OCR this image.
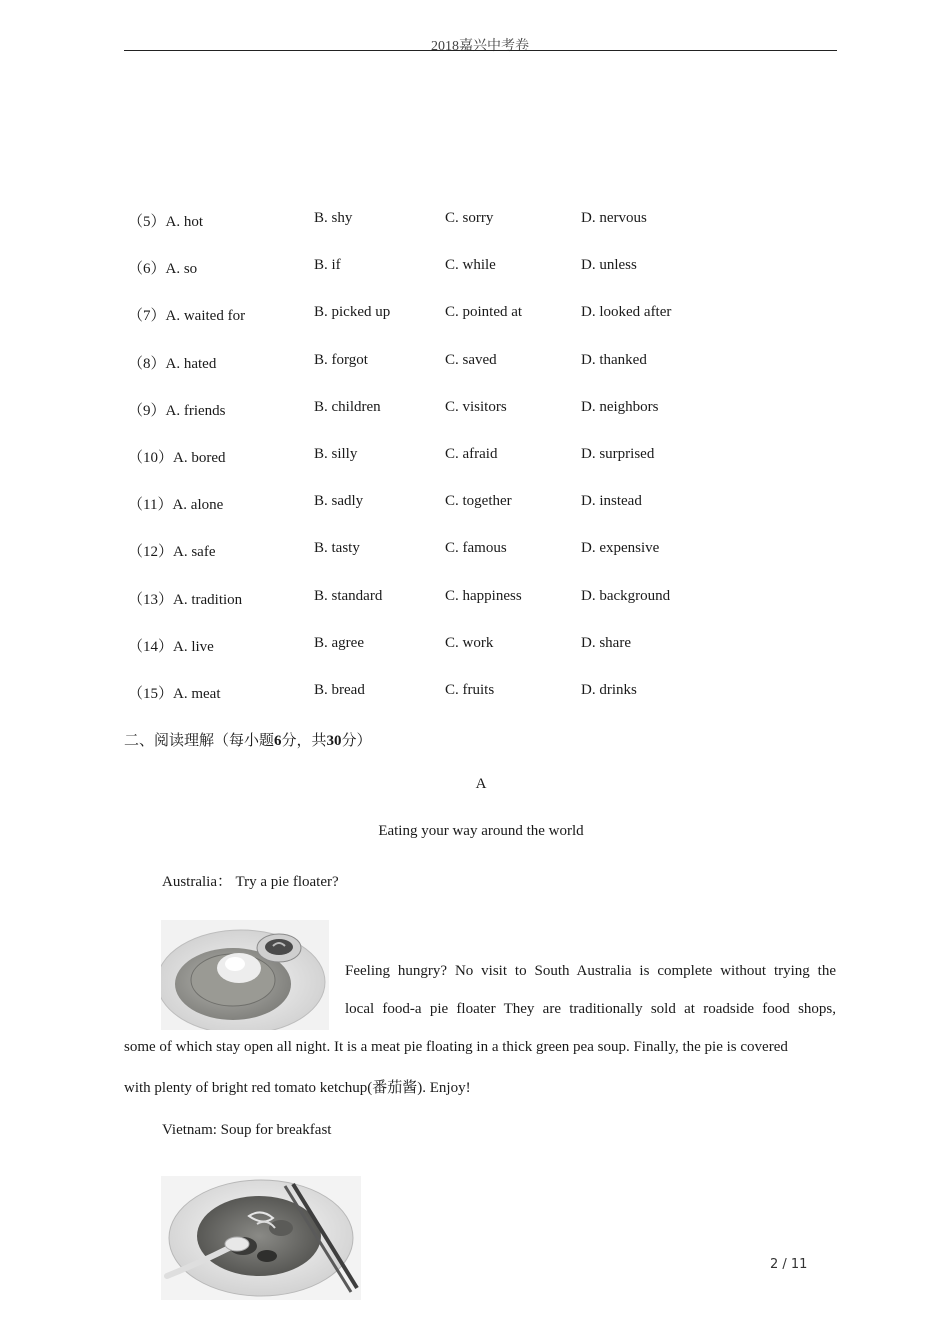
2018嘉兴中考卷
（5）A. hot	B. shy	C. sorry	D. nervous
（6）A. so	B. if	C. while	D. unless
（7）A. waited for	B. picked up	C. pointed at	D. looked after
（8）A. hated	B. forgot	C. saved	D. thanked
（9）A. friends	B. children	C. visitors	D. neighbors
（10）A. bored	B. silly	C. afraid	D. surprised
（11）A. alone	B. sadly	C. together	D. instead
（12）A. safe	B. tasty	C. famous	D. expensive
（13）A. tradition	B. standard	C. happiness	D. background
（14）A. live	B. agree	C. work	D. share
（15）A. meat	B. bread	C. fruits	D. drinks
二、阅读理解（每小题6分，共30分）
A
Eating your way around the world
Australia： Try a pie floater?
Feeling hungry? No visit to South Australia is complete without trying the
local food-a pie floater They are traditionally sold at roadside food shops,
some of which stay open all night. It is a meat pie floating in a thick green pea soup. Finally, the pie is covered
with plenty of bright red tomato ketchup(番茄酱). Enjoy!
Vietnam: Soup for breakfast
2 / 11
